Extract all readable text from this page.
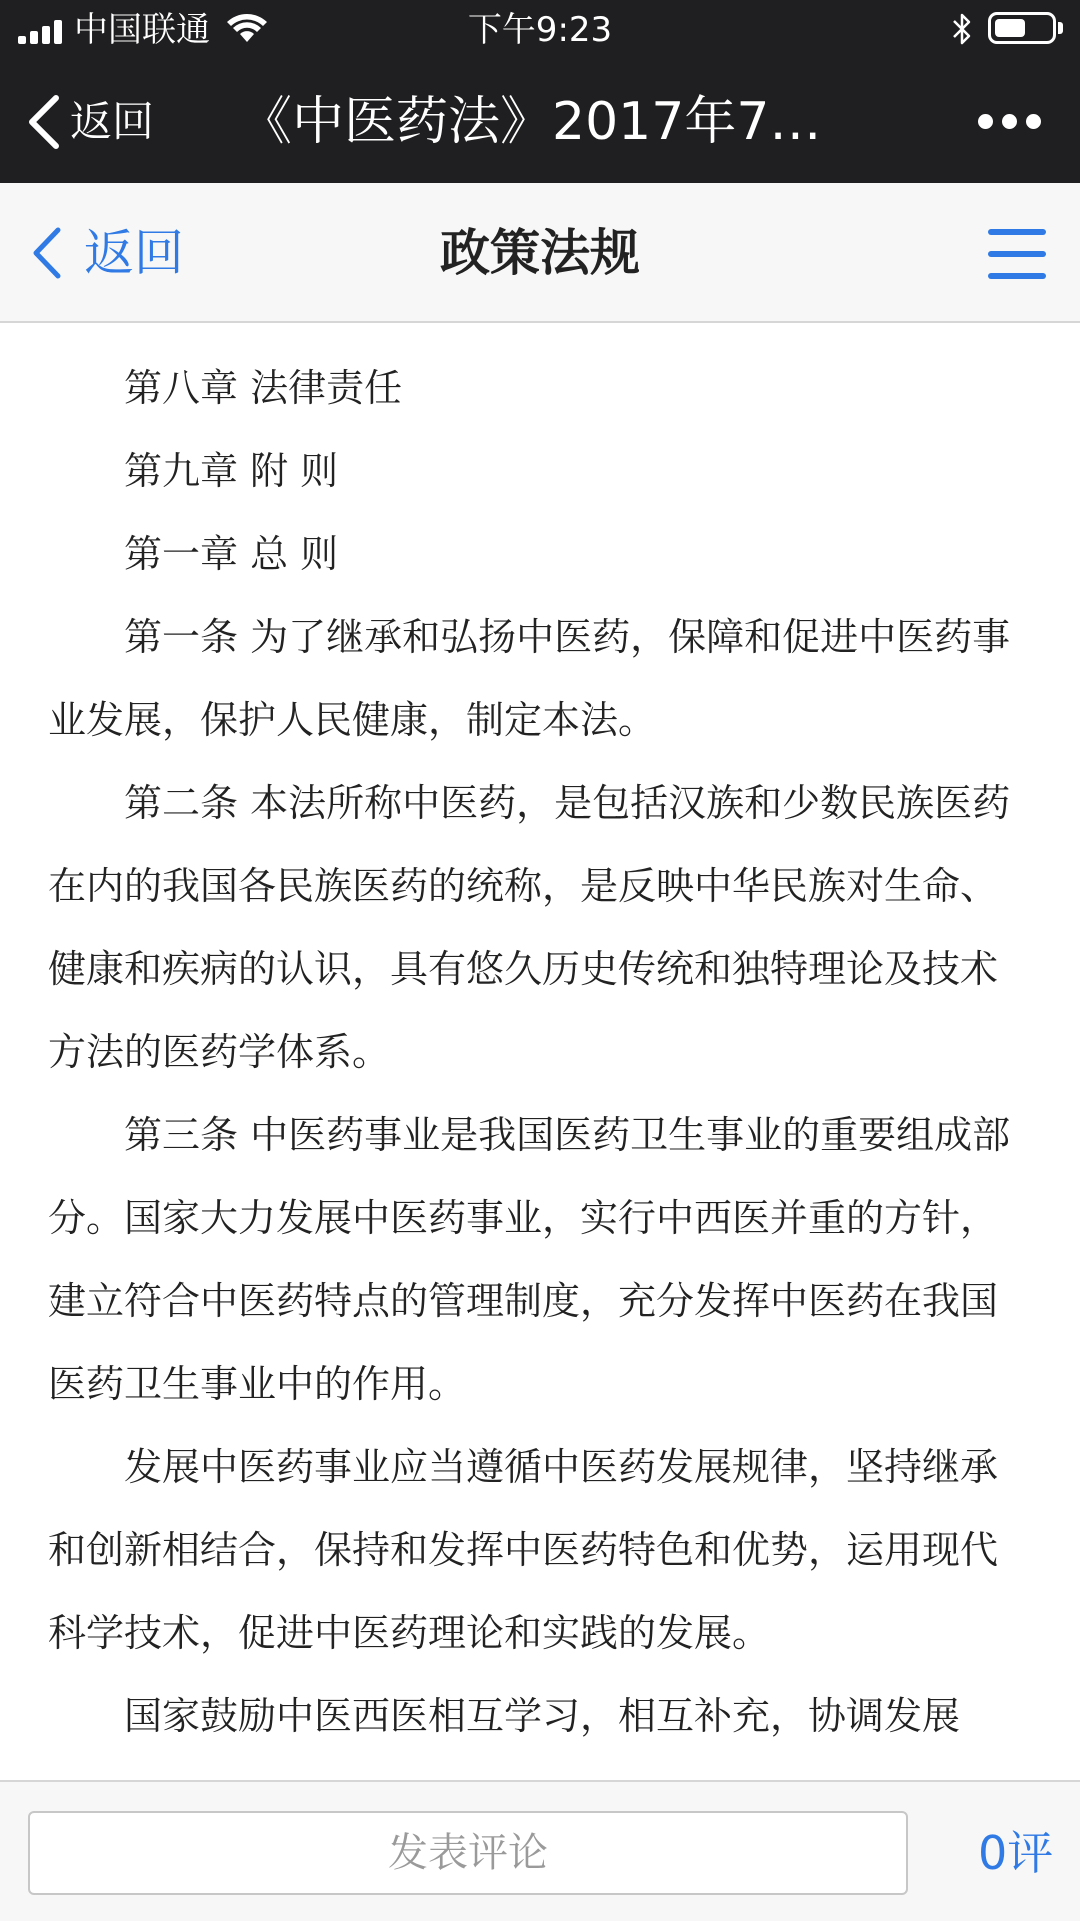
中国联通	下午9:23
返回 《中医药法》2017年7…
返回	政策法规

第八章 法律责任

第九章 附 则

第一章 总 则

第一条 为了继承和弘扬中医药，保障和促进中医药事业发展，保护人民健康，制定本法。

第二条 本法所称中医药，是包括汉族和少数民族医药在内的我国各民族医药的统称，是反映中华民族对生命、健康和疾病的认识，具有悠久历史传统和独特理论及技术方法的医药学体系。

第三条 中医药事业是我国医药卫生事业的重要组成部分。国家大力发展中医药事业，实行中西医并重的方针，建立符合中医药特点的管理制度，充分发挥中医药在我国医药卫生事业中的作用。

发展中医药事业应当遵循中医药发展规律，坚持继承和创新相结合，保持和发挥中医药特色和优势，运用现代科学技术，促进中医药理论和实践的发展。

国家鼓励中医西医相互学习，相互补充，协调发展

发表评论
0评
